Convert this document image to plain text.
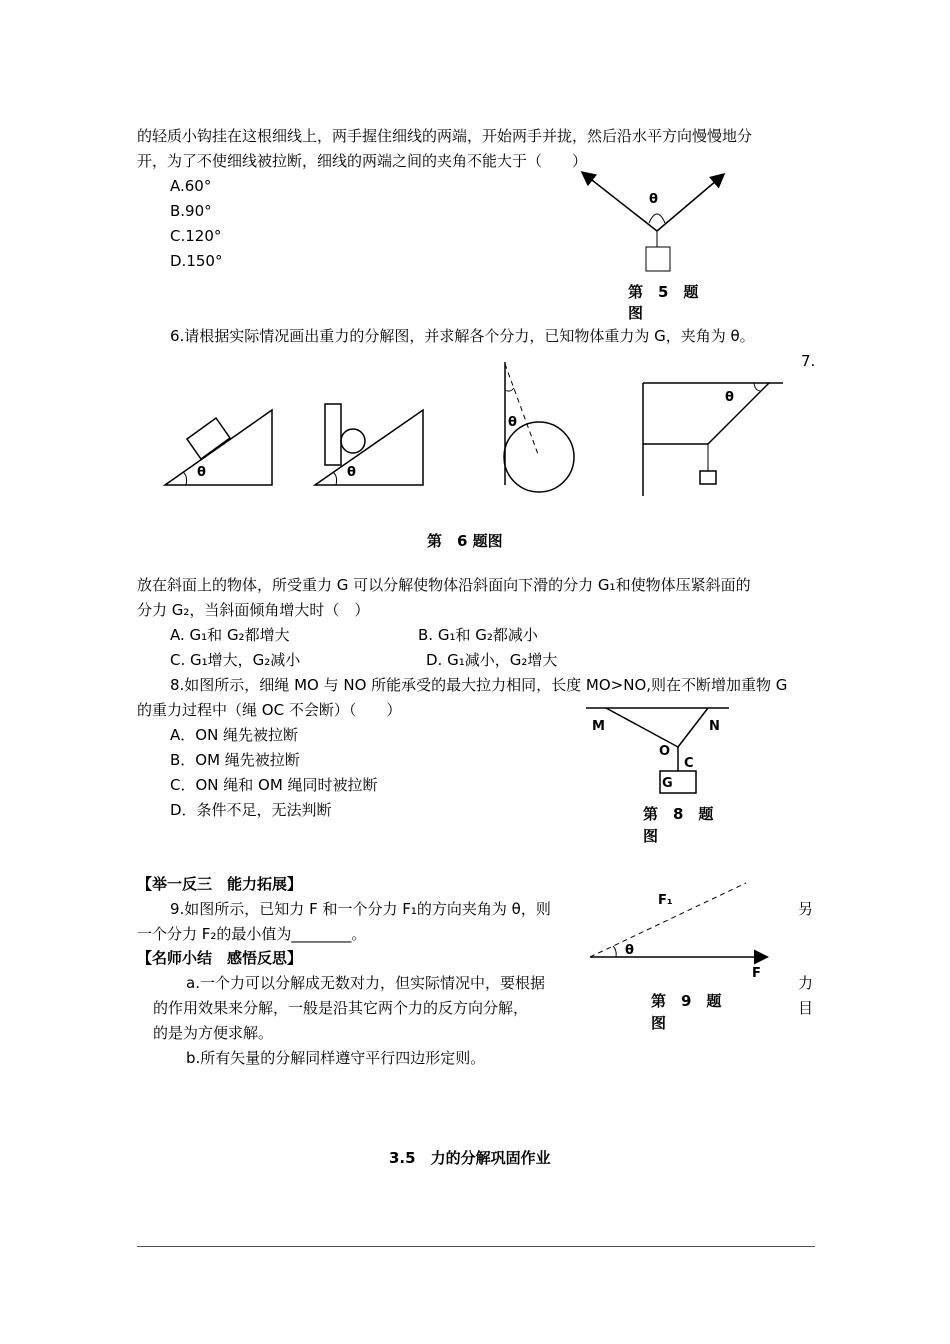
的轻质小钩挂在这根细线上，两手握住细线的两端，开始两手并拢，然后沿水平方向慢慢地分
开，为了不使细线被拉断，细线的两端之间的夹角不能大于（　　）
A.60°
B.90°
C.120°
D.150°
θ
第　5　题
图
6.请根据实际情况画出重力的分解图，并求解各个分力，已知物体重力为 G，夹角为 θ。
7.
θ	θ
θ
θ
第　6 题图
放在斜面上的物体，所受重力 G 可以分解使物体沿斜面向下滑的分力 G₁和使物体压紧斜面的
分力 G₂，当斜面倾角增大时（　）
A. G₁和 G₂都增大	B. G₁和 G₂都减小
C. G₁增大，G₂减小	D. G₁减小，G₂增大
8.如图所示，细绳 MO 与 NO 所能承受的最大拉力相同，长度 MO>NO,则在不断增加重物 G
的重力过程中（绳 OC 不会断）（　　）
A．ON 绳先被拉断
B．OM 绳先被拉断
C．ON 绳和 OM 绳同时被拉断
D．条件不足，无法判断
M	N
O
C
G
第　8　题
图
【举一反三　能力拓展】
9.如图所示，已知力 F 和一个分力 F₁的方向夹角为 θ，则	另
一个分力 F₂的最小值为________。
θ
F₁
F
【名师小结　感悟反思】
a.一个力可以分解成无数对力，但实际情况中，要根据	力
的作用效果来分解，一般是沿其它两个力的反方向分解，	目
的是为方便求解。
b.所有矢量的分解同样遵守平行四边形定则。
第　9　题
图
3.5　力的分解巩固作业
